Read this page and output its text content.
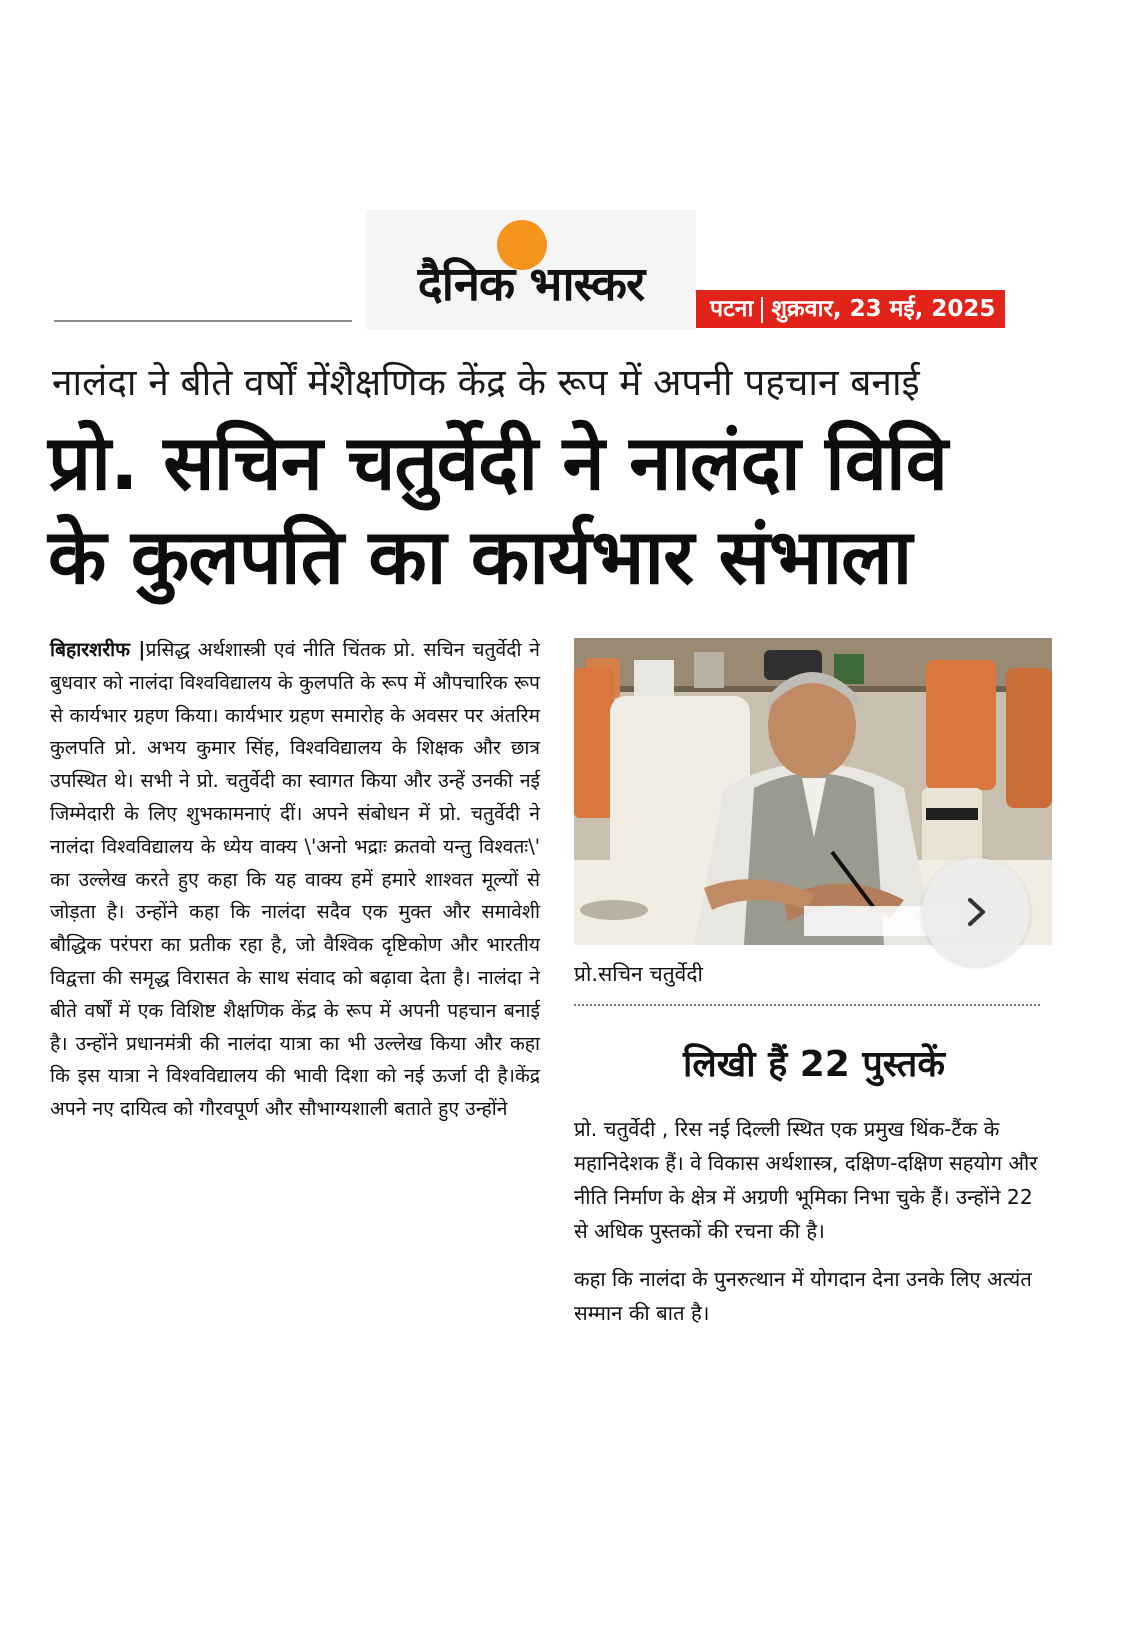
दैनिक भास्कर	पटना शुक्रवार, 23 मई, 2025
नालंदा ने बीते वर्षों मेंशैक्षणिक केंद्र के रूप में अपनी पहचान बनाई
प्रो. सचिन चतुर्वेदी ने नालंदा विवि
के कुलपति का कार्यभार संभाला
बिहारशरीफ |प्रसिद्ध अर्थशास्त्री एवं नीति चिंतक प्रो. सचिन चतुर्वेदी ने बुधवार को नालंदा विश्वविद्यालय के कुलपति के रूप में औपचारिक रूप से कार्यभार ग्रहण किया। कार्यभार ग्रहण समारोह के अवसर पर अंतरिम कुलपति प्रो. अभय कुमार सिंह, विश्वविद्यालय के शिक्षक और छात्र उपस्थित थे। सभी ने प्रो. चतुर्वेदी का स्वागत किया और उन्हें उनकी नई जिम्मेदारी के लिए शुभकामनाएं दीं। अपने संबोधन में प्रो. चतुर्वेदी ने नालंदा विश्वविद्यालय के ध्येय वाक्य \'अनो भद्राः क्रतवो यन्तु विश्वतः\' का उल्लेख करते हुए कहा कि यह वाक्य हमें हमारे शाश्वत मूल्यों से जोड़ता है। उन्होंने कहा कि नालंदा सदैव एक मुक्त और समावेशी बौद्धिक परंपरा का प्रतीक रहा है, जो वैश्विक दृष्टिकोण और भारतीय विद्वत्ता की समृद्ध विरासत के साथ संवाद को बढ़ावा देता है। नालंदा ने बीते वर्षों में एक विशिष्ट शैक्षणिक केंद्र के रूप में अपनी पहचान बनाई है। उन्होंने प्रधानमंत्री की नालंदा यात्रा का भी उल्लेख किया और कहा कि इस यात्रा ने विश्वविद्यालय की भावी दिशा को नई ऊर्जा दी है।केंद्र अपने नए दायित्व को गौरवपूर्ण और सौभाग्यशाली बताते हुए उन्होंने
प्रो.सचिन चतुर्वेदी
लिखी हैं 22 पुस्तकें

प्रो. चतुर्वेदी , रिस नई दिल्ली स्थित एक प्रमुख थिंक-टैंक के महानिदेशक हैं। वे विकास अर्थशास्त्र, दक्षिण-दक्षिण सहयोग और नीति निर्माण के क्षेत्र में अग्रणी भूमिका निभा चुके हैं। उन्होंने 22 से अधिक पुस्तकों की रचना की है।

कहा कि नालंदा के पुनरुत्थान में योगदान देना उनके लिए अत्यंत सम्मान की बात है।
